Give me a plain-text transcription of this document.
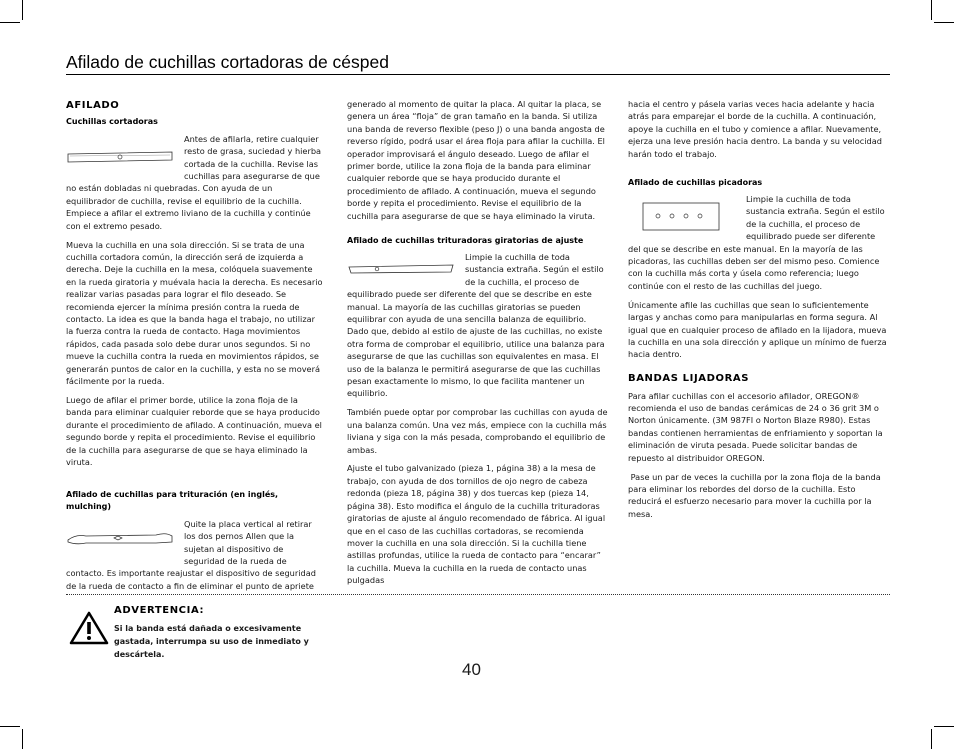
Afilado de cuchillas cortadoras de césped
AFILADO
Cuchillas cortadoras
Antes de afilarla, retire cualquier resto de grasa, suciedad y hierba cortada de la cuchilla. Revise las cuchillas para asegurarse de que

no están dobladas ni quebradas. Con ayuda de un equilibrador de cuchilla, revise el equilibrio de la cuchilla. Empiece a afilar el extremo liviano de la cuchilla y continúe con el extremo pesado.

Mueva la cuchilla en una sola dirección. Si se trata de una cuchilla cortadora común, la dirección será de izquierda a derecha. Deje la cuchilla en la mesa, colóquela suavemente en la rueda giratoria y muévala hacia la derecha. Es necesario realizar varias pasadas para lograr el filo deseado. Se recomienda ejercer la mínima presión contra la rueda de contacto. La idea es que la banda haga el trabajo, no utilizar la fuerza contra la rueda de contacto. Haga movimientos rápidos, cada pasada solo debe durar unos segundos. Si no mueve la cuchilla contra la rueda en movimientos rápidos, se generarán puntos de calor en la cuchilla, y esta no se moverá fácilmente por la rueda.

Luego de afilar el primer borde, utilice la zona floja de la banda para eliminar cualquier reborde que se haya producido durante el procedimiento de afilado. A continuación, mueva el segundo borde y repita el procedimiento. Revise el equilibrio de la cuchilla para asegurarse de que se haya eliminado la viruta.

Afilado de cuchillas para trituración (en inglés, mulching)
Quite la placa vertical al retirar los dos pernos Allen que la sujetan al dispositivo de seguridad de la rueda de

contacto. Es importante reajustar el dispositivo de seguridad de la rueda de contacto a fin de eliminar el punto de apriete

generado al momento de quitar la placa. Al quitar la placa, se genera un área “floja” de gran tamaño en la banda. Si utiliza una banda de reverso flexible (peso J) o una banda angosta de reverso rígido, podrá usar el área floja para afilar la cuchilla. El operador improvisará el ángulo deseado. Luego de afilar el primer borde, utilice la zona floja de la banda para eliminar cualquier reborde que se haya producido durante el procedimiento de afilado. A continuación, mueva el segundo borde y repita el procedimiento. Revise el equilibrio de la cuchilla para asegurarse de que se haya eliminado la viruta.

Afilado de cuchillas trituradoras giratorias de ajuste
Limpie la cuchilla de toda sustancia extraña. Según el estilo de la cuchilla, el proceso de

equilibrado puede ser diferente del que se describe en este manual. La mayoría de las cuchillas giratorias se pueden equilibrar con ayuda de una sencilla balanza de equilibrio. Dado que, debido al estilo de ajuste de las cuchillas, no existe otra forma de comprobar el equilibrio, utilice una balanza para asegurarse de que las cuchillas son equivalentes en masa. El uso de la balanza le permitirá asegurarse de que las cuchillas pesan exactamente lo mismo, lo que facilita mantener un equilibrio.

También puede optar por comprobar las cuchillas con ayuda de una balanza común. Una vez más, empiece con la cuchilla más liviana y siga con la más pesada, comprobando el equilibrio de ambas.

Ajuste el tubo galvanizado (pieza 1, página 38) a la mesa de trabajo, con ayuda de dos tornillos de ojo negro de cabeza redonda (pieza 18, página 38) y dos tuercas kep (pieza 14, página 38). Esto modifica el ángulo de la cuchilla trituradoras giratorias de ajuste al ángulo recomendado de fábrica. Al igual que en el caso de las cuchillas cortadoras, se recomienda mover la cuchilla en una sola dirección. Si la cuchilla tiene astillas profundas, utilice la rueda de contacto para “encarar” la cuchilla. Mueva la cuchilla en la rueda de contacto unas pulgadas

hacia el centro y pásela varias veces hacia adelante y hacia atrás para emparejar el borde de la cuchilla. A continuación, apoye la cuchilla en el tubo y comience a afilar. Nuevamente, ejerza una leve presión hacia dentro. La banda y su velocidad harán todo el trabajo.

Afilado de cuchillas picadoras
Limpie la cuchilla de toda sustancia extraña. Según el estilo de la cuchilla, el proceso de equilibrado puede ser diferente

del que se describe en este manual. En la mayoría de las picadoras, las cuchillas deben ser del mismo peso. Comience con la cuchilla más corta y úsela como referencia; luego continúe con el resto de las cuchillas del juego.

Únicamente afile las cuchillas que sean lo suficientemente largas y anchas como para manipularlas en forma segura. Al igual que en cualquier proceso de afilado en la lijadora, mueva la cuchilla en una sola dirección y aplique un mínimo de fuerza hacia dentro.

BANDAS LIJADORAS

Para afilar cuchillas con el accesorio afilador, OREGON® recomienda el uso de bandas cerámicas de 24 o 36 grit 3M o Norton únicamente. (3M 987FI o Norton Blaze R980). Estas bandas contienen herramientas de enfriamiento y soportan la eliminación de viruta pesada. Puede solicitar bandas de repuesto al distribuidor OREGON.

Pase un par de veces la cuchilla por la zona floja de la banda para eliminar los rebordes del dorso de la cuchilla. Esto reducirá el esfuerzo necesario para mover la cuchilla por la mesa.

ADVERTENCIA:
Si la banda está dañada o excesivamente gastada, interrumpa su uso de inmediato y descártela.
40
